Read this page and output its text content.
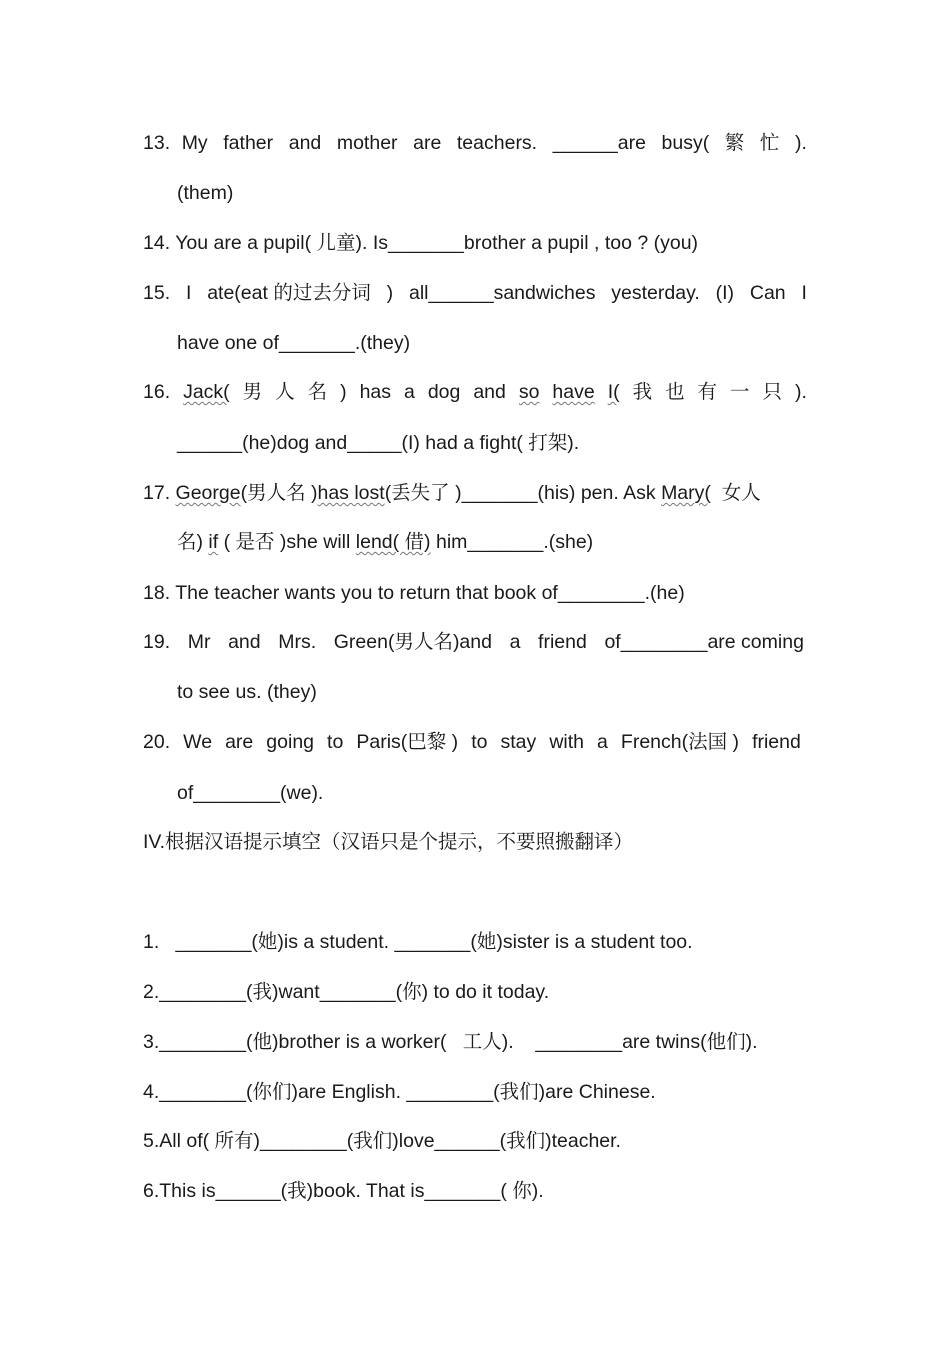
13. My father and mother are teachers. ______are busy( 繁 忙 ).
(them)
14. You are a pupil( 儿童). Is_______brother a pupil , too ? (you)
15. I ate(eat 的过去分词 ) all______sandwiches yesterday. (I) Can I
have one of_______.(they)
16. Jack( 男 人 名 ) has a dog and so have I( 我 也 有 一 只 ).
______(he)dog and_____(I) had a fight( 打架).
17. George(男人名 )has lost(丢失了 )_______(his) pen. Ask Mary(  女人
名) if ( 是否 )she will lend( 借) him_______.(she)
18. The teacher wants you to return that book of________.(he)
19. Mr and Mrs. Green(男人名)and a friend of________are coming
to see us. (they)
20. We are going to Paris(巴黎 ) to stay with a French(法国 ) friend
of________(we).
IV.根据汉语提示填空（汉语只是个提示，不要照搬翻译）
1.   _______(她)is a student. _______(她)sister is a student too.
2.________(我)want_______(你) to do it today.
3.________(他)brother is a worker(   工人).    ________are twins(他们).
4.________(你们)are English. ________(我们)are Chinese.
5.All of( 所有)________(我们)love______(我们)teacher.
6.This is______(我)book. That is_______( 你).
